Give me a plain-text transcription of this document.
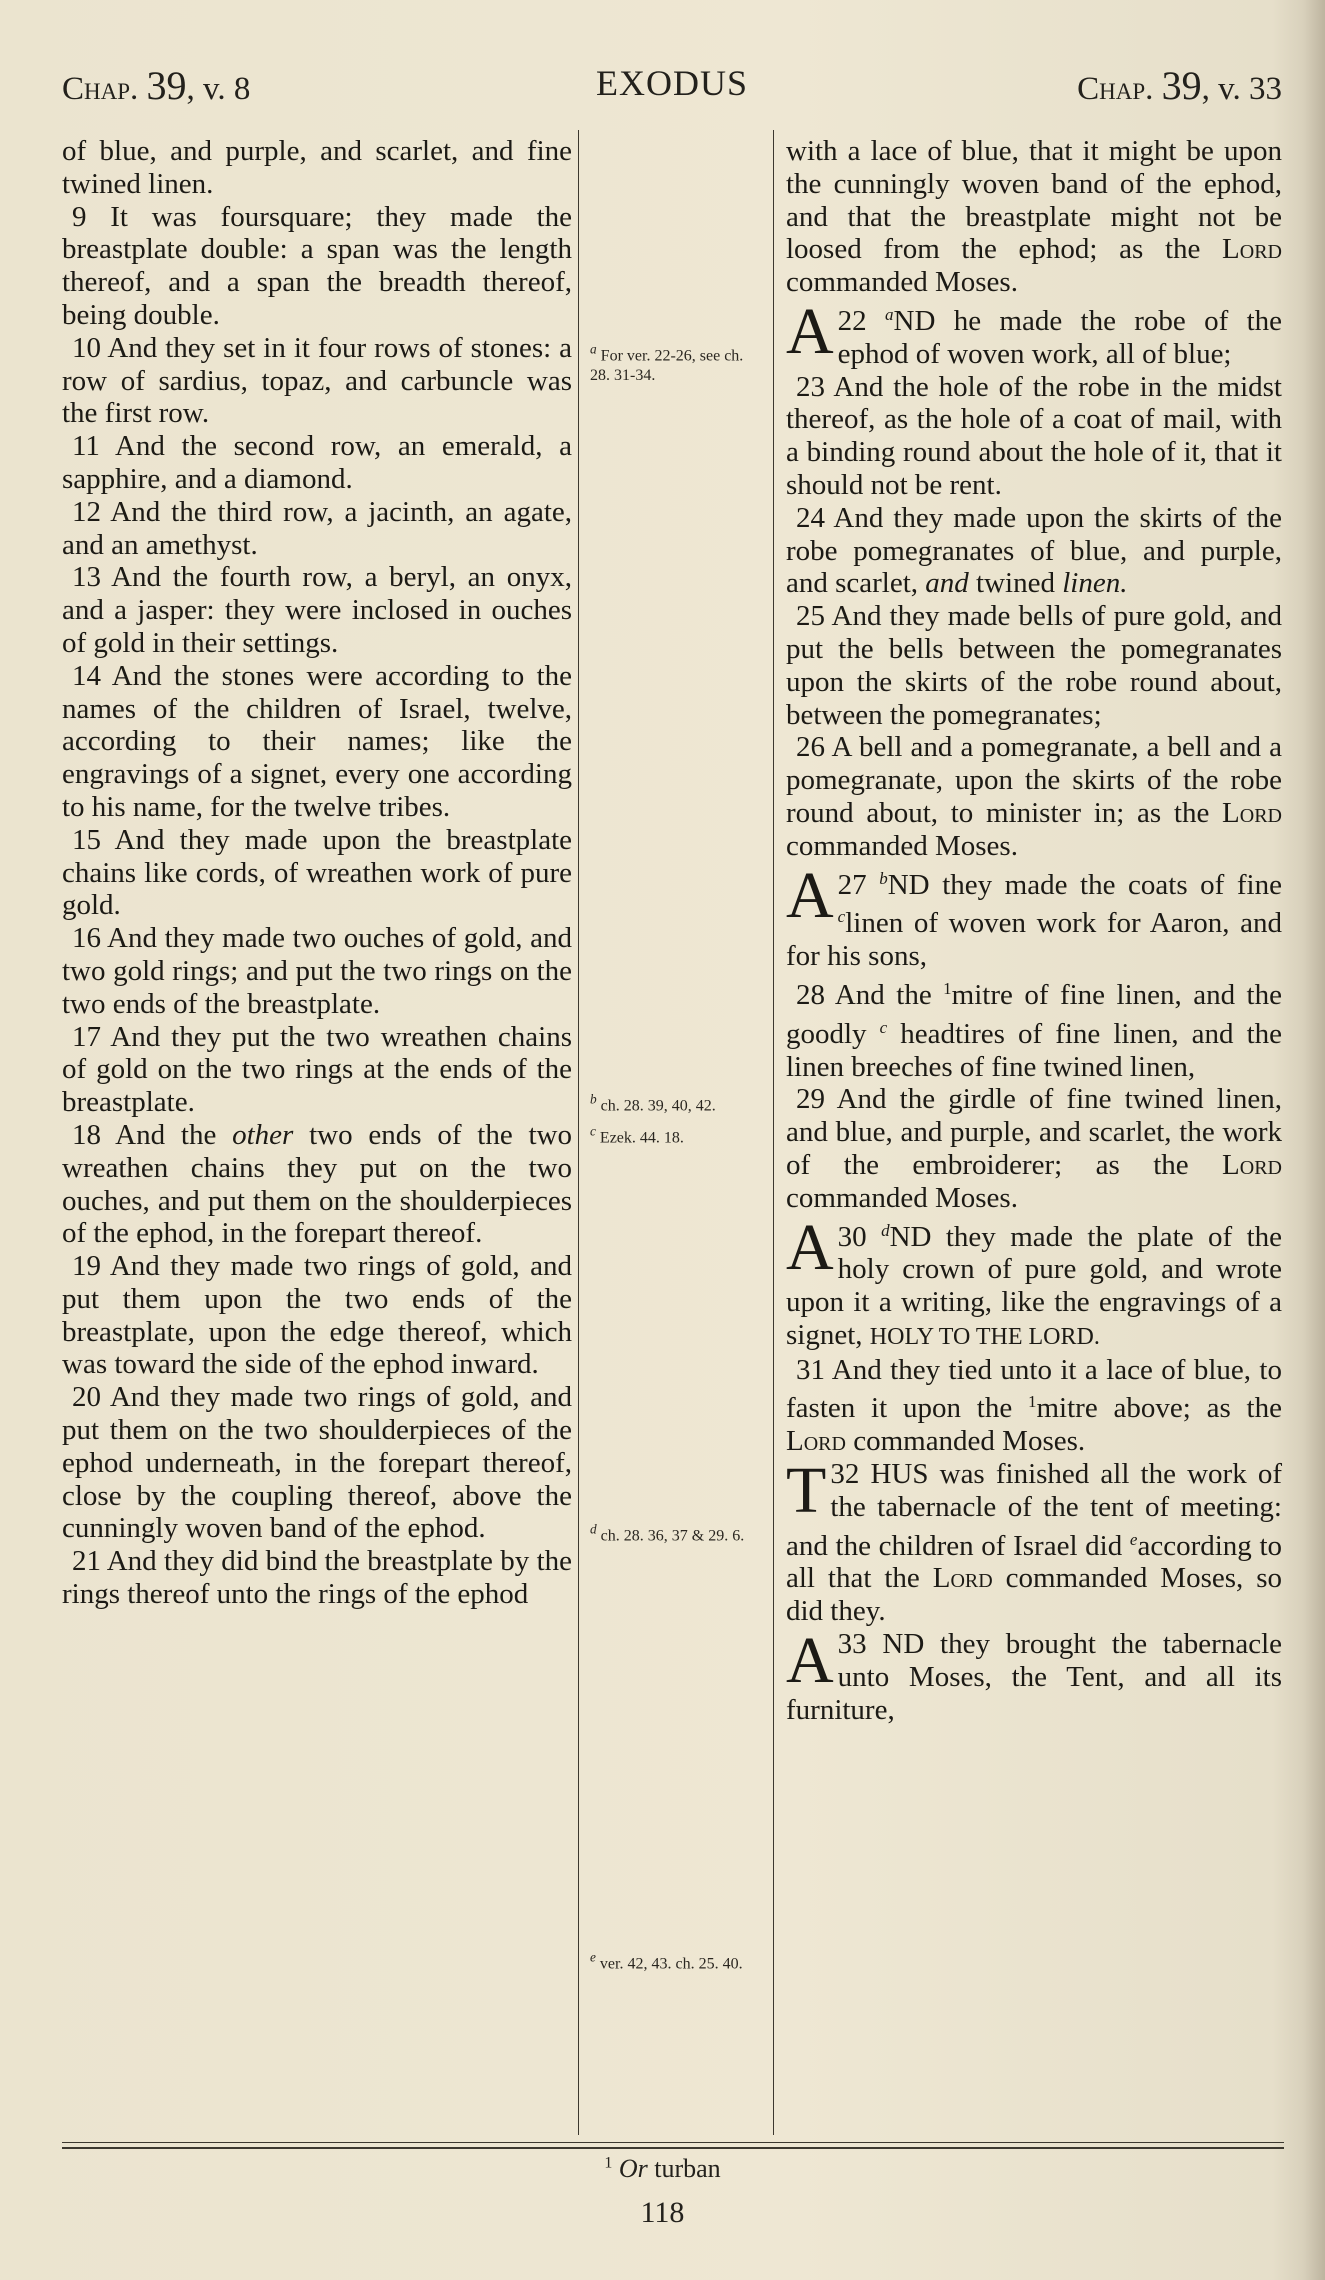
Chap. 39, v. 8	EXODUS	Chap. 39, v. 33

of blue, and purple, and scarlet, and fine twined linen.

9 It was foursquare; they made the breastplate double: a span was the length thereof, and a span the breadth thereof, being double.

10 And they set in it four rows of stones: a row of sardius, topaz, and carbuncle was the first row.

11 And the second row, an emerald, a sapphire, and a diamond.

12 And the third row, a jacinth, an agate, and an amethyst.

13 And the fourth row, a beryl, an onyx, and a jasper: they were inclosed in ouches of gold in their settings.

14 And the stones were according to the names of the children of Israel, twelve, according to their names; like the engravings of a signet, every one according to his name, for the twelve tribes.

15 And they made upon the breastplate chains like cords, of wreathen work of pure gold.

16 And they made two ouches of gold, and two gold rings; and put the two rings on the two ends of the breastplate.

17 And they put the two wreathen chains of gold on the two rings at the ends of the breastplate.

18 And the other two ends of the two wreathen chains they put on the two ouches, and put them on the shoulderpieces of the ephod, in the forepart thereof.

19 And they made two rings of gold, and put them upon the two ends of the breastplate, upon the edge thereof, which was toward the side of the ephod inward.

20 And they made two rings of gold, and put them on the two shoulderpieces of the ephod underneath, in the forepart thereof, close by the coupling thereof, above the cunningly woven band of the ephod.

21 And they did bind the breastplate by the rings thereof unto the rings of the ephod

$^a$ For ver. 22-26, see ch. 28. 31-34.
$^b$ ch. 28. 39, 40, 42.
$^c$ Ezek. 44. 18.
$^d$ ch. 28. 36, 37 & 29. 6.
$^e$ ver. 42, 43. ch. 25. 40.

with a lace of blue, that it might be upon the cunningly woven band of the ephod, and that the breastplate might not be loosed from the ephod; as the Lord commanded Moses.

22 $^a$
A ND he made the robe of the ephod of woven work, all of blue;

23 And the hole of the robe in the midst thereof, as the hole of a coat of mail, with a binding round about the hole of it, that it should not be rent.

24 And they made upon the skirts of the robe pomegranates of blue, and purple, and scarlet, and twined linen.

25 And they made bells of pure gold, and put the bells between the pomegranates upon the skirts of the robe round about, between the pomegranates;

26 A bell and a pomegranate, a bell and a pomegranate, upon the skirts of the robe round about, to minister in; as the Lord commanded Moses.

27 $^b$
A ND they made the coats of fine $^c$linen of woven work for Aaron, and for his sons,

28 And the $^1$mitre of fine linen, and the goodly $^c$ headtires of fine linen, and the linen breeches of fine twined linen,

29 And the girdle of fine twined linen, and blue, and purple, and scarlet, the work of the embroiderer; as the Lord commanded Moses.

30 $^d$
A ND they made the plate of the holy crown of pure gold, and wrote upon it a writing, like the engravings of a signet, HOLY TO THE LORD.

31 And they tied unto it a lace of blue, to fasten it upon the $^1$mitre above; as the Lord commanded Moses.

32
T HUS was finished all the work of the tabernacle of the tent of meeting: and the children of Israel did $^e$according to all that the Lord commanded Moses, so did they.

33
A ND they brought the tabernacle unto Moses, the Tent, and all its furniture,

$^1$ Or turban
118
